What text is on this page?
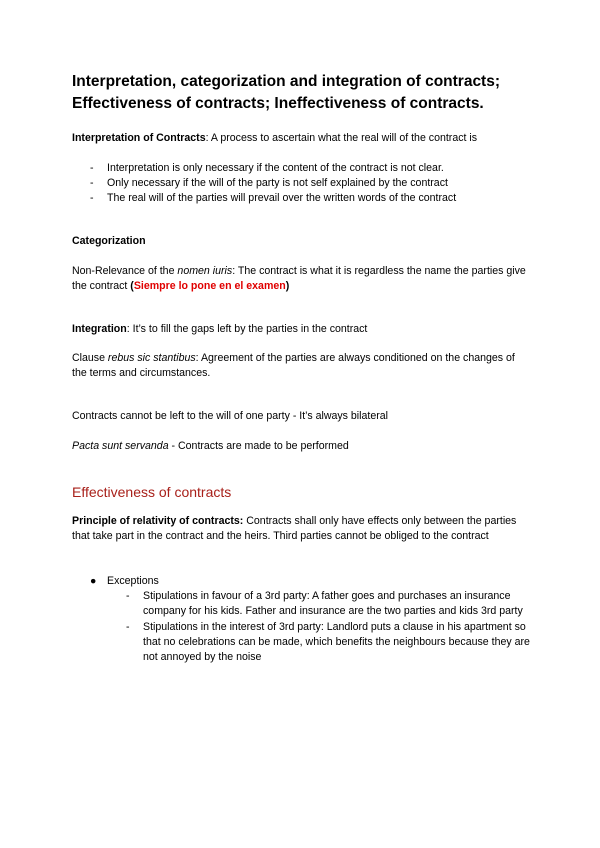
Interpretation, categorization and integration of contracts; Effectiveness of contracts; Ineffectiveness of contracts.
Interpretation of Contracts: A process to ascertain what the real will of the contract is
- Interpretation is only necessary if the content of the contract is not clear.
- Only necessary if the will of the party is not self explained by the contract
- The real will of the parties will prevail over the written words of the contract
Categorization
Non-Relevance of the nomen iuris: The contract is what it is regardless the name the parties give the contract (Siempre lo pone en el examen)
Integration: It’s to fill the gaps left by the parties in the contract
Clause rebus sic stantibus: Agreement of the parties are always conditioned on the changes of the terms and circumstances.
Contracts cannot be left to the will of one party - It’s always bilateral
Pacta sunt servanda - Contracts are made to be performed
Effectiveness of contracts
Principle of relativity of contracts: Contracts shall only have effects only between the parties that take part in the contract and the heirs. Third parties cannot be obliged to the contract
● Exceptions
- Stipulations in favour of a 3rd party: A father goes and purchases an insurance company for his kids. Father and insurance are the two parties and kids 3rd party
- Stipulations in the interest of 3rd party: Landlord puts a clause in his apartment so that no celebrations can be made, which benefits the neighbours because they are not annoyed by the noise
